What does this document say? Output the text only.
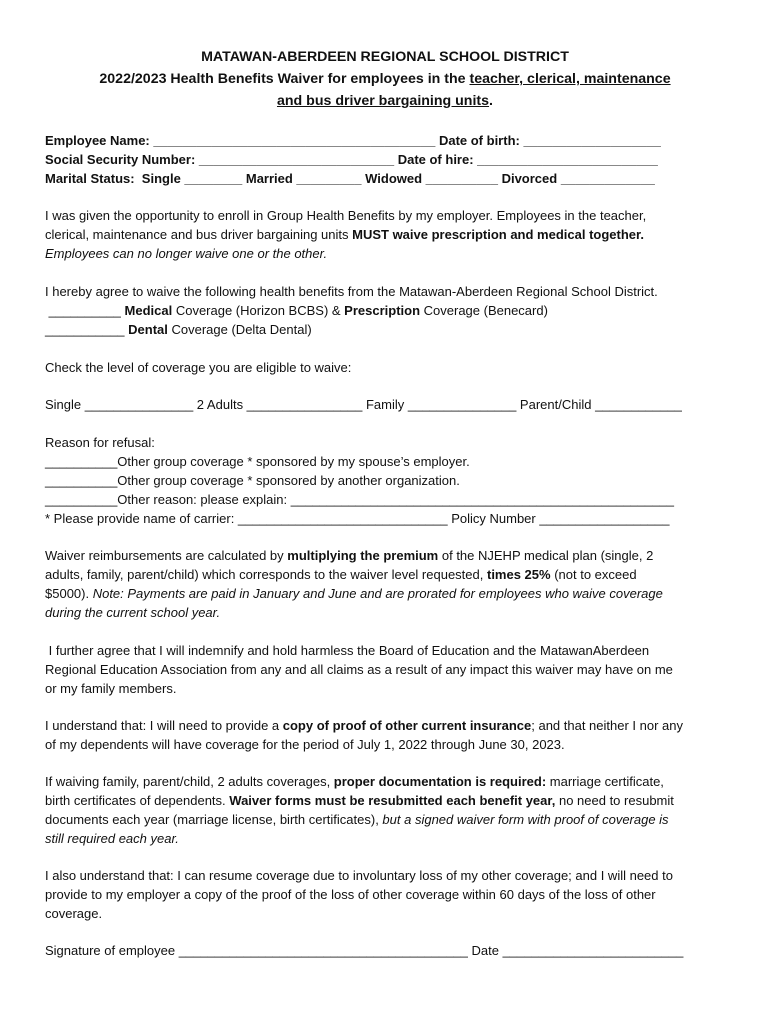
MATAWAN-ABERDEEN REGIONAL SCHOOL DISTRICT
2022/2023 Health Benefits Waiver for employees in the teacher, clerical, maintenance
and bus driver bargaining units.
Employee Name: _______________________________________ Date of birth: ___________________
Social Security Number: ___________________________ Date of hire: _________________________
Marital Status:  Single ________ Married _________ Widowed __________ Divorced _____________
I was given the opportunity to enroll in Group Health Benefits by my employer. Employees in the teacher,
clerical, maintenance and bus driver bargaining units MUST waive prescription and medical together.
Employees can no longer waive one or the other.
I hereby agree to waive the following health benefits from the Matawan-Aberdeen Regional School District.
__________ Medical Coverage (Horizon BCBS) & Prescription Coverage (Benecard)
___________ Dental Coverage (Delta Dental)
Check the level of coverage you are eligible to waive:
Single _______________ 2 Adults ________________ Family _______________ Parent/Child ____________
Reason for refusal:
__________Other group coverage * sponsored by my spouse’s employer.
__________Other group coverage * sponsored by another organization.
__________Other reason: please explain: _____________________________________________________
* Please provide name of carrier: _____________________________ Policy Number __________________
Waiver reimbursements are calculated by multiplying the premium of the NJEHP medical plan (single, 2
adults, family, parent/child) which corresponds to the waiver level requested, times 25% (not to exceed
$5000). Note: Payments are paid in January and June and are prorated for employees who waive coverage
during the current school year.
I further agree that I will indemnify and hold harmless the Board of Education and the MatawanAberdeen
Regional Education Association from any and all claims as a result of any impact this waiver may have on me
or my family members.
I understand that: I will need to provide a copy of proof of other current insurance; and that neither I nor any
of my dependents will have coverage for the period of July 1, 2022 through June 30, 2023.
If waiving family, parent/child, 2 adults coverages, proper documentation is required: marriage certificate,
birth certificates of dependents. Waiver forms must be resubmitted each benefit year, no need to resubmit
documents each year (marriage license, birth certificates), but a signed waiver form with proof of coverage is
still required each year.
I also understand that: I can resume coverage due to involuntary loss of my other coverage; and I will need to
provide to my employer a copy of the proof of the loss of other coverage within 60 days of the loss of other
coverage.
Signature of employee ________________________________________ Date _________________________
